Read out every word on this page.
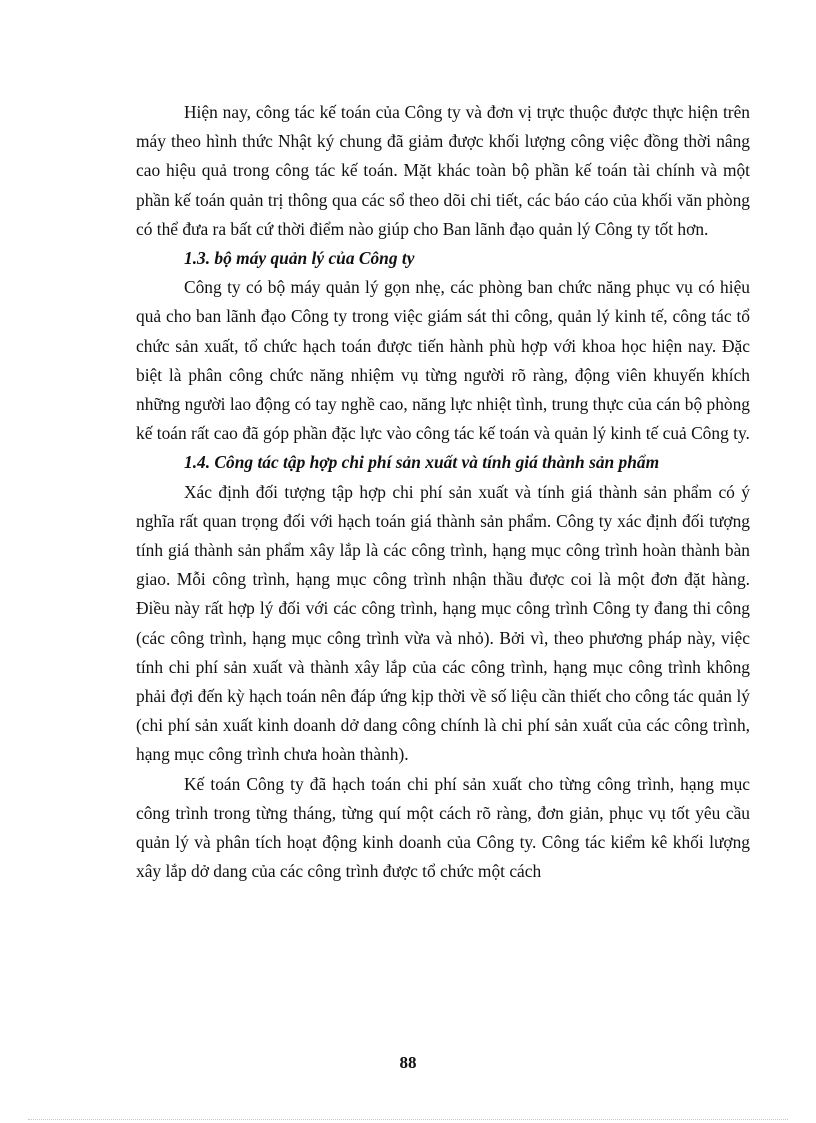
Hiện nay, công tác kế toán của Công ty và đơn vị trực thuộc được thực hiện trên máy theo hình thức Nhật ký chung đã giảm được khối lượng công việc đồng thời nâng cao hiệu quả trong công tác kế toán. Mặt khác toàn bộ phần kế toán tài chính và một phần kế toán quản trị thông qua các sổ theo dõi chi tiết, các báo cáo của khối văn phòng có thể đưa ra bất cứ thời điểm nào giúp cho Ban lãnh đạo quản lý Công ty tốt hơn.

1.3. bộ máy quản lý của Công ty

Công ty có bộ máy quản lý gọn nhẹ, các phòng ban chức năng phục vụ có hiệu quả cho ban lãnh đạo Công ty trong việc giám sát thi công, quản lý kinh tế, công tác tổ chức sản xuất, tổ chức hạch toán được tiến hành phù hợp với khoa học hiện nay. Đặc biệt là phân công chức năng nhiệm vụ từng người rõ ràng, động viên khuyến khích những người lao động có tay nghề cao, năng lực nhiệt tình, trung thực của cán bộ phòng kế toán rất cao đã góp phần đặc lực vào công tác kế toán và quản lý kinh tế cuả Công ty.

1.4. Công tác tập hợp chi phí sản xuất và tính giá thành sản phẩm

Xác định đối tượng tập hợp chi phí sản xuất và tính giá thành sản phẩm có ý nghĩa rất quan trọng đối với hạch toán giá thành sản phẩm. Công ty xác định đối tượng tính giá thành sản phẩm xây lắp là các công trình, hạng mục công trình hoàn thành bàn giao. Mỗi công trình, hạng mục công trình nhận thầu được coi là một đơn đặt hàng. Điều này rất hợp lý đối với các công trình, hạng mục công trình Công ty đang thi công (các công trình, hạng mục công trình vừa và nhỏ). Bởi vì, theo phương pháp này, việc tính chi phí sản xuất và thành xây lắp của các công trình, hạng mục công trình không phải đợi đến kỳ hạch toán nên đáp ứng kịp thời về số liệu cần thiết cho công tác quản lý (chi phí sản xuất kinh doanh dở dang công chính là chi phí sản xuất của các công trình, hạng mục công trình chưa hoàn thành).

Kế toán Công ty đã hạch toán chi phí sản xuất cho từng công trình, hạng mục công trình trong từng tháng, từng quí một cách rõ ràng, đơn giản, phục vụ tốt yêu cầu quản lý và phân tích hoạt động kinh doanh của Công ty. Công tác kiểm kê khối lượng xây lắp dở dang của các công trình được tổ chức một cách

88
